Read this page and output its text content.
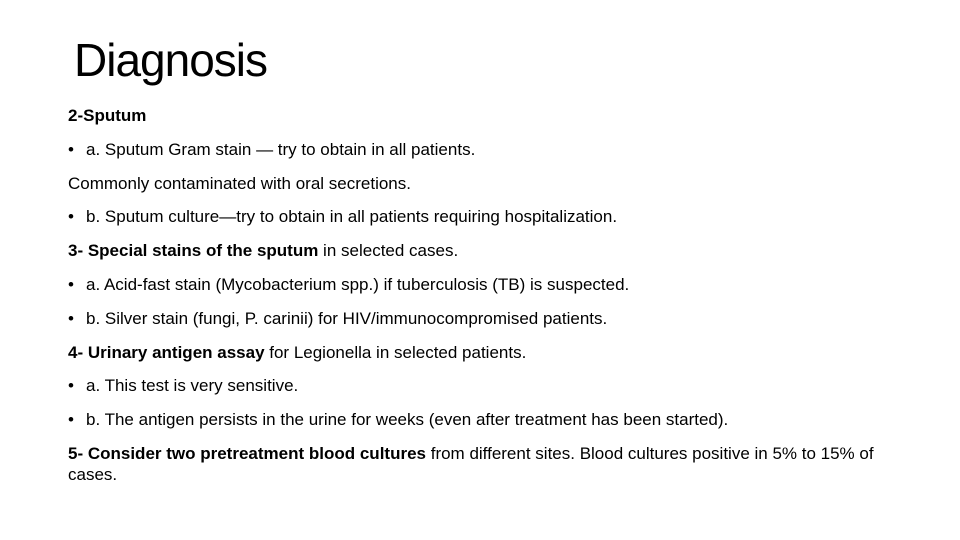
Diagnosis
2-Sputum
• a. Sputum Gram stain — try to obtain in all patients.
Commonly contaminated with oral secretions.
• b. Sputum culture—try to obtain in all patients requiring hospitalization.
3- Special stains of the sputum in selected cases.
• a. Acid-fast stain (Mycobacterium spp.) if tuberculosis (TB) is suspected.
• b. Silver stain (fungi, P. carinii) for HIV/immunocompromised patients.
4- Urinary antigen assay for Legionella in selected patients.
• a. This test is very sensitive.
• b. The antigen persists in the urine for weeks (even after treatment has been started).
5- Consider two pretreatment blood cultures from different sites. Blood cultures positive in 5% to 15% of cases.
